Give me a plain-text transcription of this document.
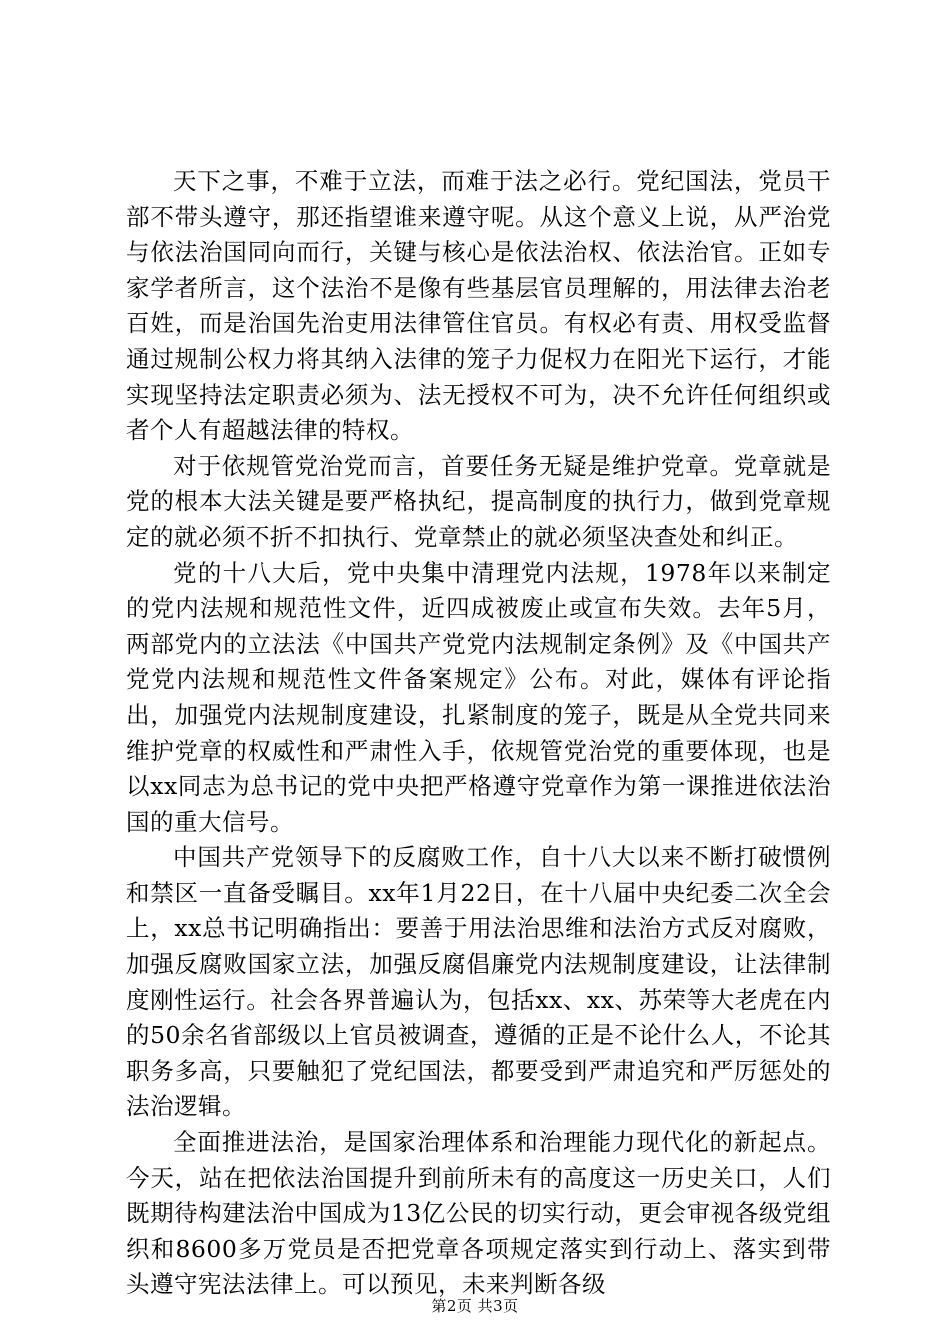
天下之事，不难于立法，而难于法之必行。党纪国法，党员干部不带头遵守，那还指望谁来遵守呢。从这个意义上说，从严治党与依法治国同向而行，关键与核心是依法治权、依法治官。正如专家学者所言，这个法治不是像有些基层官员理解的，用法律去治老百姓，而是治国先治吏用法律管住官员。有权必有责、用权受监督通过规制公权力将其纳入法律的笼子力促权力在阳光下运行，才能实现坚持法定职责必须为、法无授权不可为，决不允许任何组织或者个人有超越法律的特权。

对于依规管党治党而言，首要任务无疑是维护党章。党章就是党的根本大法关键是要严格执纪，提高制度的执行力，做到党章规定的就必须不折不扣执行、党章禁止的就必须坚决查处和纠正。

党的十八大后，党中央集中清理党内法规，1978年以来制定的党内法规和规范性文件，近四成被废止或宣布失效。去年5月，两部党内的立法法《中国共产党党内法规制定条例》及《中国共产党党内法规和规范性文件备案规定》公布。对此，媒体有评论指出，加强党内法规制度建设，扎紧制度的笼子，既是从全党共同来维护党章的权威性和严肃性入手，依规管党治党的重要体现，也是以xx同志为总书记的党中央把严格遵守党章作为第一课推进依法治国的重大信号。

中国共产党领导下的反腐败工作，自十八大以来不断打破惯例和禁区一直备受瞩目。xx年1月22日，在十八届中央纪委二次全会上，xx总书记明确指出：要善于用法治思维和法治方式反对腐败，加强反腐败国家立法，加强反腐倡廉党内法规制度建设，让法律制度刚性运行。社会各界普遍认为，包括xx、xx、苏荣等大老虎在内的50余名省部级以上官员被调查，遵循的正是不论什么人，不论其职务多高，只要触犯了党纪国法，都要受到严肃追究和严厉惩处的法治逻辑。

全面推进法治，是国家治理体系和治理能力现代化的新起点。今天，站在把依法治国提升到前所未有的高度这一历史关口，人们既期待构建法治中国成为13亿公民的切实行动，更会审视各级党组织和8600多万党员是否把党章各项规定落实到行动上、落实到带头遵守宪法法律上。可以预见，未来判断各级

第2页 共3页
